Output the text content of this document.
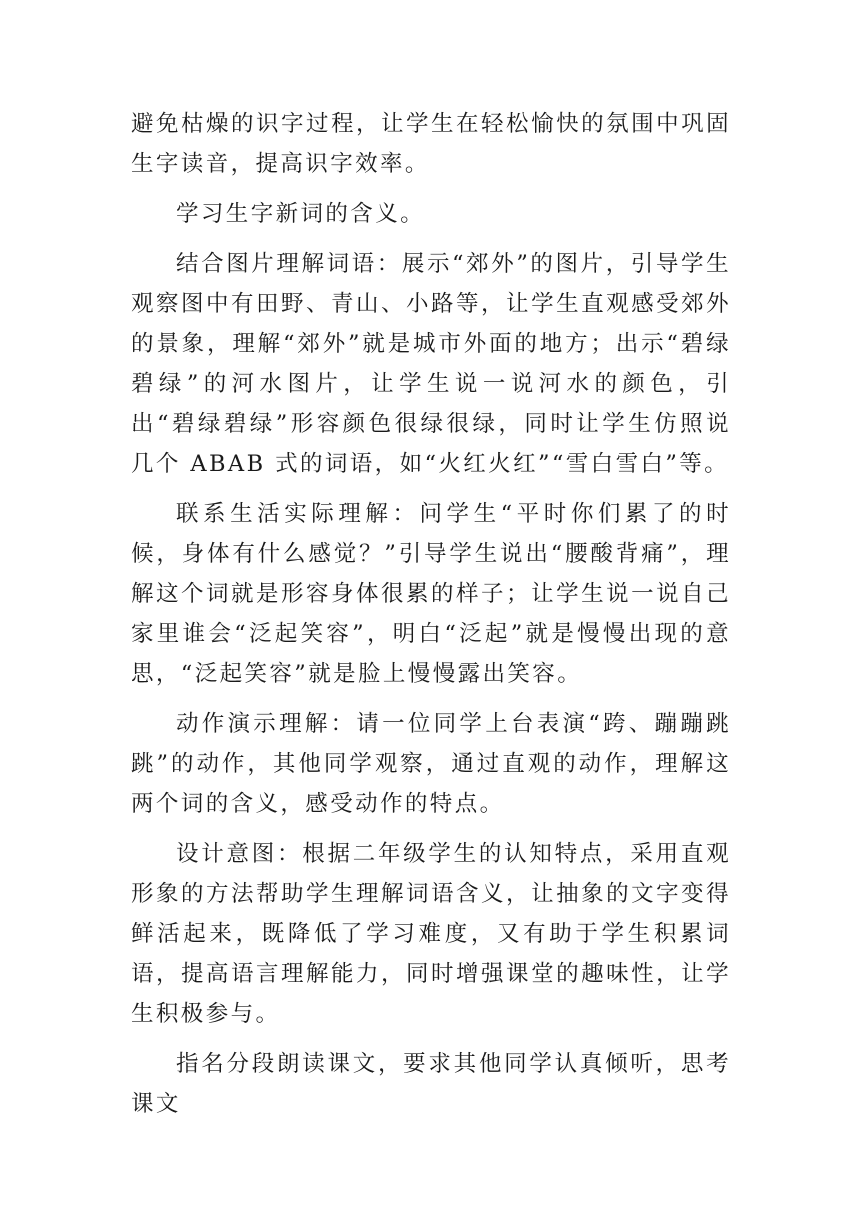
避免枯燥的识字过程，让学生在轻松愉快的氛围中巩固生字读音，提高识字效率。

学习生字新词的含义。

结合图片理解词语：展示“郊外”的图片，引导学生观察图中有田野、青山、小路等，让学生直观感受郊外的景象，理解“郊外”就是城市外面的地方；出示“碧绿碧绿”的河水图片，让学生说一说河水的颜色，引出“碧绿碧绿”形容颜色很绿很绿，同时让学生仿照说几个 ABAB 式的词语，如“火红火红”“雪白雪白”等。

联系生活实际理解：问学生“平时你们累了的时候，身体有什么感觉？”引导学生说出“腰酸背痛”，理解这个词就是形容身体很累的样子；让学生说一说自己家里谁会“泛起笑容”，明白“泛起”就是慢慢出现的意思，“泛起笑容”就是脸上慢慢露出笑容。

动作演示理解：请一位同学上台表演“跨、蹦蹦跳跳”的动作，其他同学观察，通过直观的动作，理解这两个词的含义，感受动作的特点。

设计意图：根据二年级学生的认知特点，采用直观形象的方法帮助学生理解词语含义，让抽象的文字变得鲜活起来，既降低了学习难度，又有助于学生积累词语，提高语言理解能力，同时增强课堂的趣味性，让学生积极参与。

指名分段朗读课文，要求其他同学认真倾听，思考课文
